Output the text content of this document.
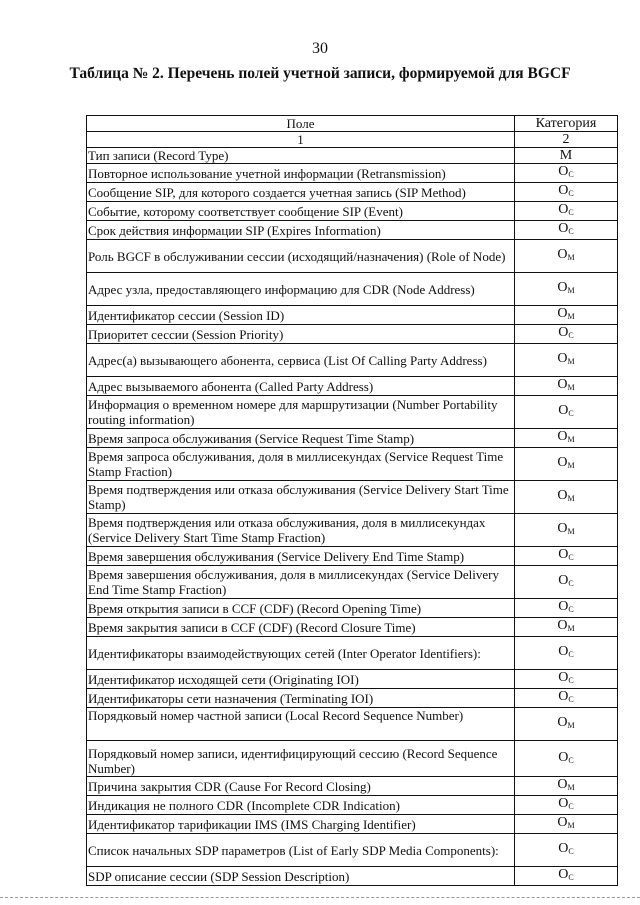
30
Таблица № 2. Перечень полей учетной записи, формируемой для BGCF
Поле	Категория
1	2
Тип записи (Record Type)	M
Повторное использование учетной информации (Retransmission)	$O_C$
Сообщение SIP, для которого создается учетная запись (SIP Method)	$O_C$
Событие, которому соответствует сообщение SIP (Event)	$O_C$
Срок действия информации SIP (Expires Information)	$O_C$
Роль BGCF в обслуживании сессии (исходящий/назначения) (Role of Node)	$O_M$
Адрес узла, предоставляющего информацию для CDR (Node Address)	$O_M$
Идентификатор сессии (Session ID)	$O_M$
Приоритет сессии (Session Priority)	$O_C$
Адрес(а) вызывающего абонента, сервиса (List Of Calling Party Address)	$O_M$
Адрес вызываемого абонента (Called Party Address)	$O_M$
Информация о временном номере для маршрутизации (Number Portability routing information)	$O_C$
Время запроса обслуживания (Service Request Time Stamp)	$O_M$
Время запроса обслуживания, доля в миллисекундах (Service Request Time Stamp Fraction)	$O_M$
Время подтверждения или отказа обслуживания (Service Delivery Start Time Stamp)	$O_M$
Время подтверждения или отказа обслуживания, доля в миллисекундах (Service Delivery Start Time Stamp Fraction)	$O_M$
Время завершения обслуживания (Service Delivery End Time Stamp)	$O_C$
Время завершения обслуживания, доля в миллисекундах (Service Delivery End Time Stamp Fraction)	$O_C$
Время открытия записи в CCF (CDF) (Record Opening Time)	$O_C$
Время закрытия записи в CCF (CDF) (Record Closure Time)	$O_M$
Идентификаторы взаимодействующих сетей (Inter Operator Identifiers):	$O_C$
Идентификатор исходящей сети (Originating IOI)	$O_C$
Идентификаторы сети назначения (Terminating IOI)	$O_C$
Порядковый номер частной записи (Local Record Sequence Number)	$O_M$
Порядковый номер записи, идентифицирующий сессию (Record Sequence Number)	$O_C$
Причина закрытия CDR (Cause For Record Closing)	$O_M$
Индикация не полного CDR (Incomplete CDR Indication)	$O_C$
Идентификатор тарификации IMS (IMS Charging Identifier)	$O_M$
Список начальных SDP параметров (List of Early SDP Media Components):	$O_C$
SDP описание сессии (SDP Session Description)	$O_C$
